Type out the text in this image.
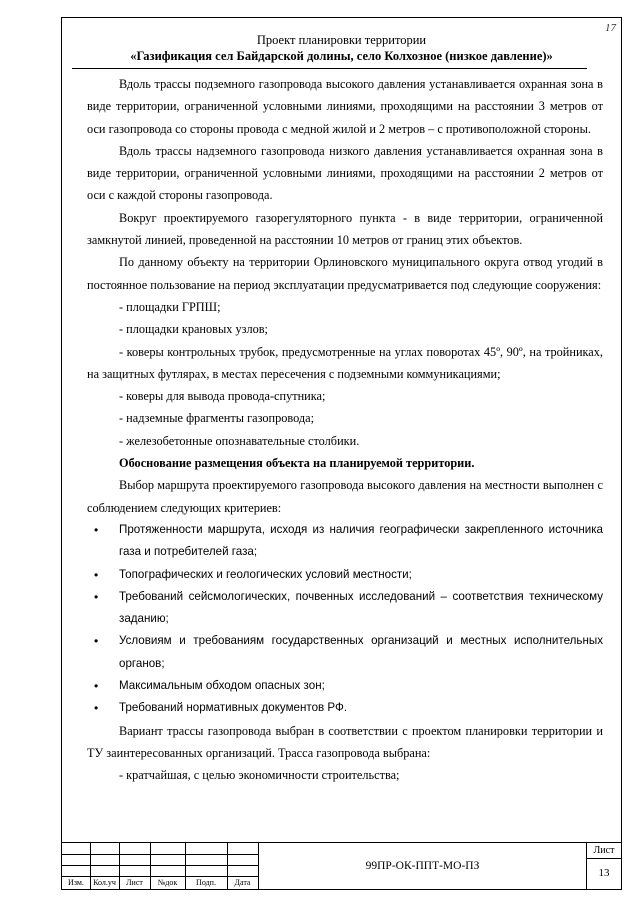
17
Проект планировки территории
«Газификация сел Байдарской долины, село Колхозное (низкое давление)»

Вдоль трассы подземного газопровода высокого давления устанавливается охранная зона в виде территории, ограниченной условными линиями, проходящими на расстоянии 3 метров от оси газопровода со стороны провода с медной жилой и 2 метров – с противоположной стороны.

Вдоль трассы надземного газопровода низкого давления устанавливается охранная зона в виде территории, ограниченной условными линиями, проходящими на расстоянии 2 метров от оси с каждой стороны газопровода.

Вокруг проектируемого газорегуляторного пункта - в виде территории, ограниченной замкнутой линией, проведенной на расстоянии 10 метров от границ этих объектов.

По данному объекту на территории Орлиновского муниципального округа отвод угодий в постоянное пользование на период эксплуатации предусматривается под следующие сооружения:

- площадки ГРПШ;

- площадки крановых узлов;

- коверы контрольных трубок, предусмотренные на углах поворотах 45º, 90º, на тройниках, на защитных футлярах, в местах пересечения с подземными коммуникациями;

- коверы для вывода провода-спутника;

- надземные фрагменты газопровода;

- железобетонные опознавательные столбики.

Обоснование размещения объекта на планируемой территории.

Выбор маршрута проектируемого газопровода высокого давления на местности выполнен с соблюдением следующих критериев:

• Протяженности маршрута, исходя из наличия географически закрепленного источника газа и потребителей газа;
• Топографических и геологических условий местности;
• Требований сейсмологических, почвенных исследований – соответствия техническому заданию;
• Условиям и требованиям государственных организаций и местных исполнительных органов;
• Максимальным обходом опасных зон;
• Требований нормативных документов РФ.

Вариант трассы газопровода выбран в соответствии с проектом планировки территории и ТУ заинтересованных организаций. Трасса газопровода выбрана:

- кратчайшая, с целью экономичности строительства;

Изм.	Кол.уч	Лист	№док	Подп.	Дата
99ПР-ОК-ППТ-МО-ПЗ
Лист
13
